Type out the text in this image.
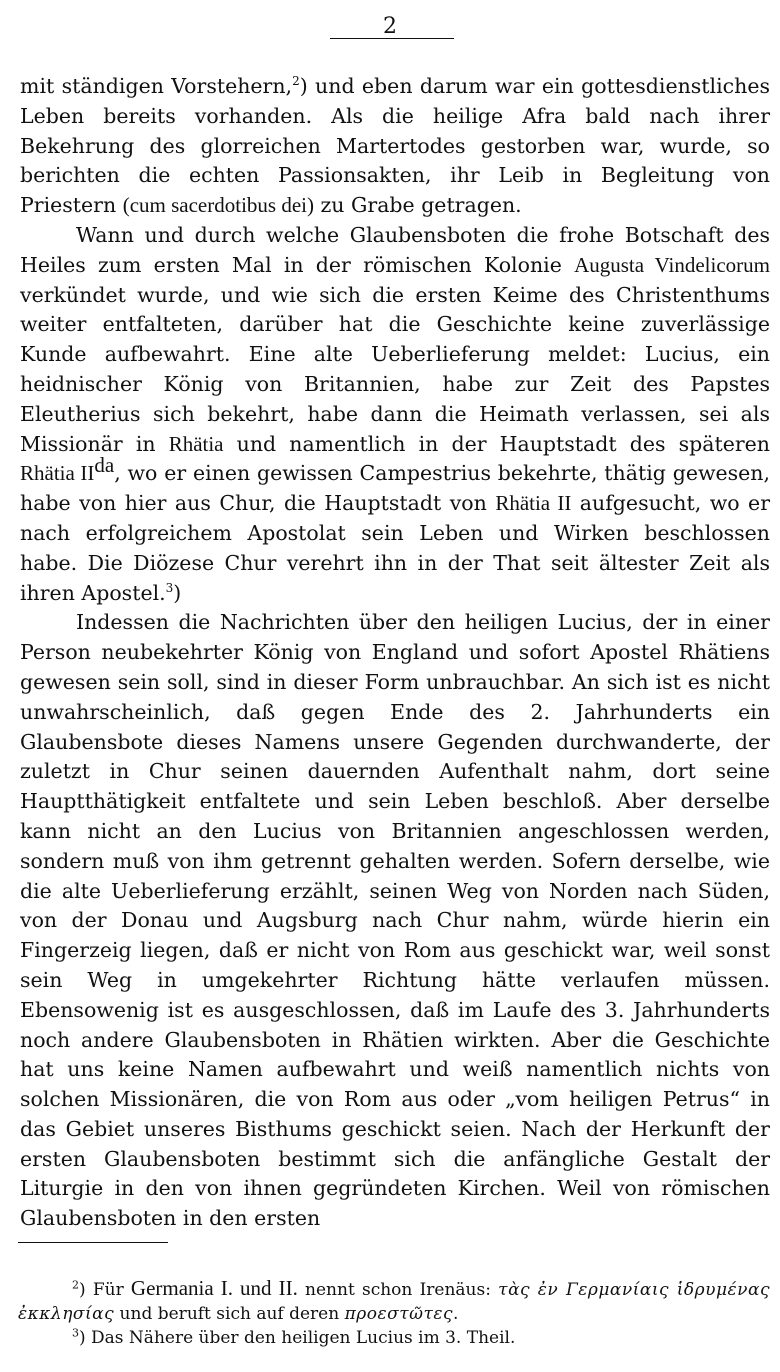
2

mit ständigen Vorstehern,$^2$) und eben darum war ein gottesdienstliches Leben bereits vorhanden. Als die heilige Afra bald nach ihrer Bekehrung des glorreichen Martertodes gestorben war, wurde, so berichten die echten Passionsakten, ihr Leib in Begleitung von Priestern (cum sacerdotibus dei) zu Grabe getragen.

Wann und durch welche Glaubensboten die frohe Botschaft des Heiles zum ersten Mal in der römischen Kolonie Augusta Vindelicorum verkündet wurde, und wie sich die ersten Keime des Christenthums weiter entfalteten, darüber hat die Geschichte keine zuverlässige Kunde aufbewahrt. Eine alte Ueberlieferung meldet: Lucius, ein heidnischer König von Britannien, habe zur Zeit des Papstes Eleutherius sich bekehrt, habe dann die Heimath verlassen, sei als Missionär in Rhätia und namentlich in der Hauptstadt des späteren Rhätia $II^{da}$, wo er einen gewissen Campestrius bekehrte, thätig gewesen, habe von hier aus Chur, die Hauptstadt von Rhätia II aufgesucht, wo er nach erfolgreichem Apostolat sein Leben und Wirken beschlossen habe. Die Diözese Chur verehrt ihn in der That seit ältester Zeit als ihren Apostel.$^3$)

Indessen die Nachrichten über den heiligen Lucius, der in einer Person neubekehrter König von England und sofort Apostel Rhätiens gewesen sein soll, sind in dieser Form unbrauchbar. An sich ist es nicht unwahrscheinlich, daß gegen Ende des 2. Jahrhunderts ein Glaubensbote dieses Namens unsere Gegenden durchwanderte, der zuletzt in Chur seinen dauernden Aufenthalt nahm, dort seine Hauptthätigkeit entfaltete und sein Leben beschloß. Aber derselbe kann nicht an den Lucius von Britannien angeschlossen werden, sondern muß von ihm getrennt gehalten werden. Sofern derselbe, wie die alte Ueberlieferung erzählt, seinen Weg von Norden nach Süden, von der Donau und Augsburg nach Chur nahm, würde hierin ein Fingerzeig liegen, daß er nicht von Rom aus geschickt war, weil sonst sein Weg in umgekehrter Richtung hätte verlaufen müssen. Ebensowenig ist es ausgeschlossen, daß im Laufe des 3. Jahrhunderts noch andere Glaubensboten in Rhätien wirkten. Aber die Geschichte hat uns keine Namen aufbewahrt und weiß namentlich nichts von solchen Missionären, die von Rom aus oder „vom heiligen Petrus“ in das Gebiet unseres Bisthums geschickt seien. Nach der Herkunft der ersten Glaubensboten bestimmt sich die anfängliche Gestalt der Liturgie in den von ihnen gegründeten Kirchen. Weil von römischen Glaubensboten in den ersten

$^2$) Für Germania I. und II. nennt schon Irenäus: τὰς ἐν Γερμανίαις ἱδρυμένας ἐκκλησίας und beruft sich auf deren προεστῶτες.

$^3$) Das Nähere über den heiligen Lucius im 3. Theil.
